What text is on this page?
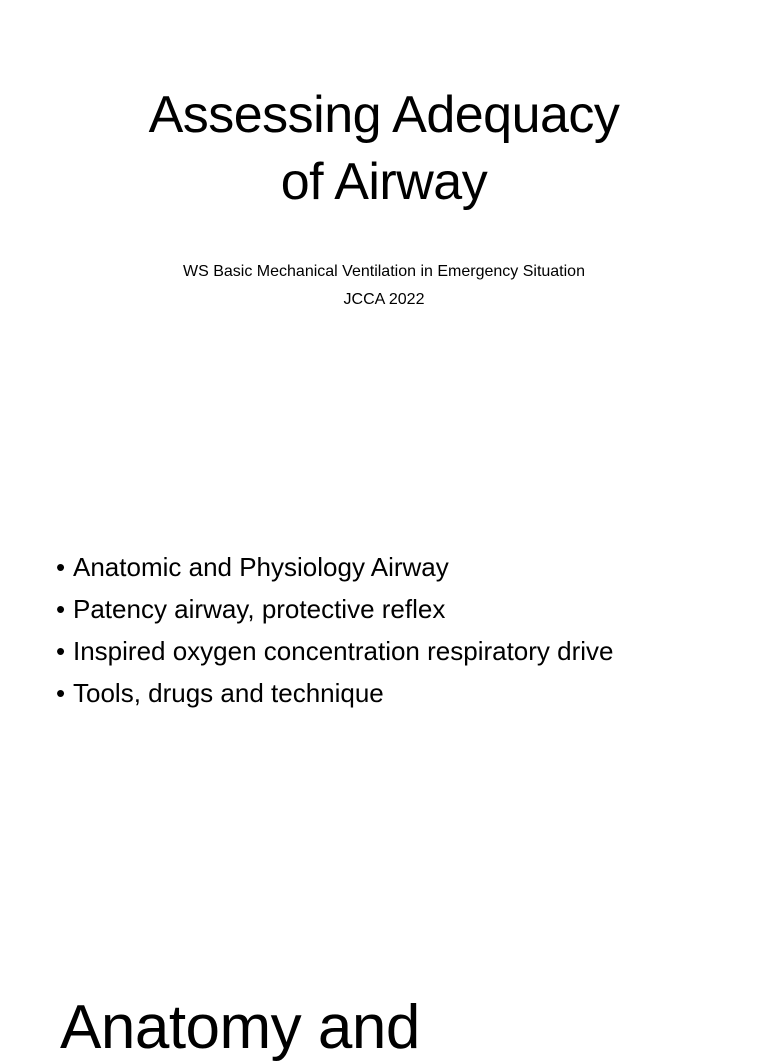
Assessing Adequacy
of Airway
WS Basic Mechanical Ventilation in Emergency Situation
JCCA 2022
• Anatomic and Physiology Airway
• Patency airway, protective reflex
• Inspired oxygen concentration respiratory drive
• Tools, drugs and technique
Anatomy and
